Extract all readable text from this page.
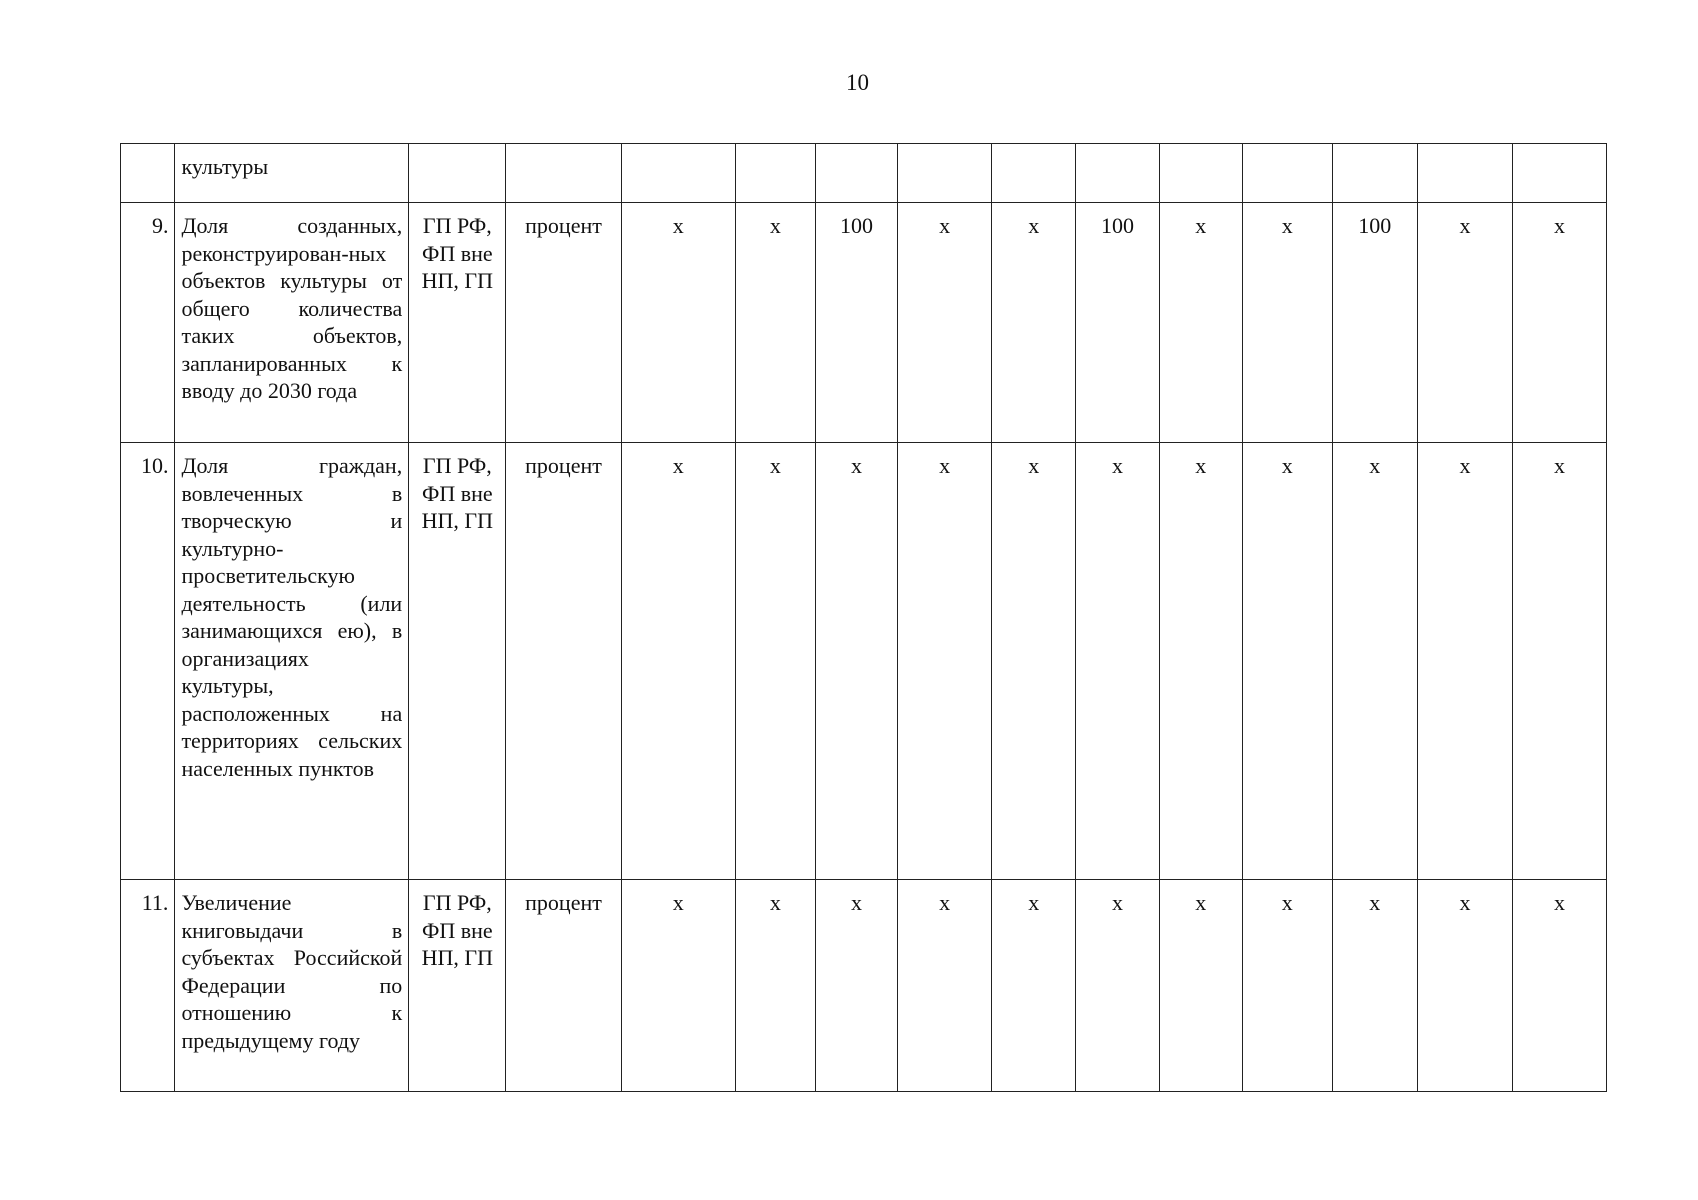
10
	культуры													
9.	Доля созданных, реконструирован-ных объектов культуры от общего количества таких объектов, запланированных к вводу до 2030 года	ГП РФ, ФП вне НП, ГП	процент	х	х	100	х	х	100	х	х	100	х	х
10.	Доля граждан, вовлеченных в творческую и культурно-просветительскую деятельность (или занимающихся ею), в организациях культуры, расположенных на территориях сельских населенных пунктов	ГП РФ, ФП вне НП, ГП	процент	х	х	х	х	х	х	х	х	х	х	х
11.	Увеличение книговыдачи в субъектах Российской Федерации по отношению к предыдущему году	ГП РФ, ФП вне НП, ГП	процент	х	х	х	х	х	х	х	х	х	х	х
